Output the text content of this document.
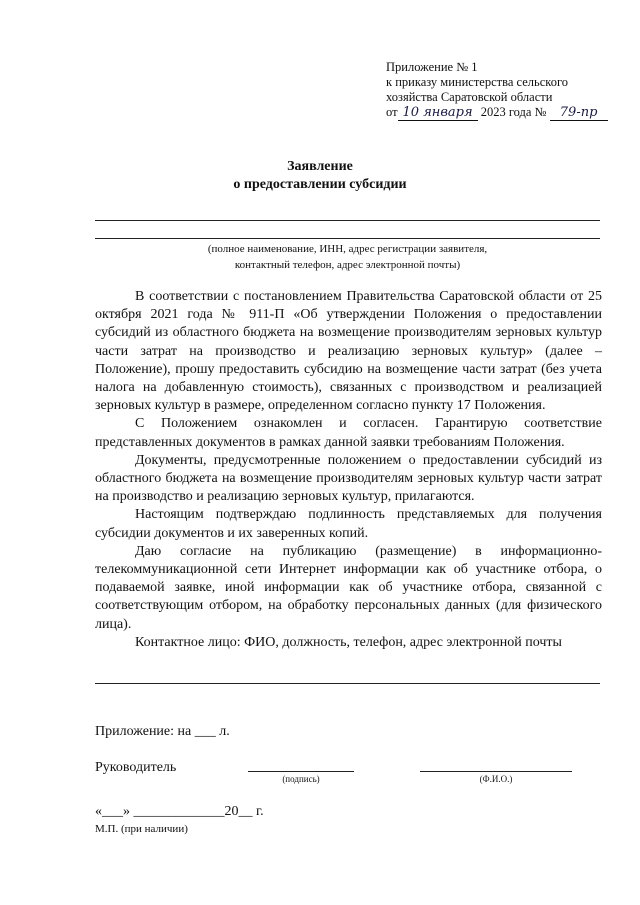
Приложение № 1
к приказу министерства сельского
хозяйства Саратовской области
от 10 января 2023 года № 79-пр
Заявление
о предоставлении субсидии
(полное наименование, ИНН, адрес регистрации заявителя,
контактный телефон, адрес электронной почты)

В соответствии с постановлением Правительства Саратовской области от 25 октября 2021 года № 911-П «Об утверждении Положения о предоставлении субсидий из областного бюджета на возмещение производителям зерновых культур части затрат на производство и реализацию зерновых культур» (далее – Положение), прошу предоставить субсидию на возмещение части затрат (без учета налога на добавленную стоимость), связанных с производством и реализацией зерновых культур в размере, определенном согласно пункту 17 Положения.

С Положением ознакомлен и согласен. Гарантирую соответствие представленных документов в рамках данной заявки требованиям Положения.

Документы, предусмотренные положением о предоставлении субсидий из областного бюджета на возмещение производителям зерновых культур части затрат на производство и реализацию зерновых культур, прилагаются.

Настоящим подтверждаю подлинность представляемых для получения субсидии документов и их заверенных копий.

Даю согласие на публикацию (размещение) в информационно-телекоммуникационной сети Интернет информации как об участнике отбора, о подаваемой заявке, иной информации как об участнике отбора, связанной с соответствующим отбором, на обработку персональных данных (для физического лица).

Контактное лицо: ФИО, должность, телефон, адрес электронной почты

Приложение: на ___ л.
Руководитель
(подпись)	(Ф.И.О.)
«___» _____________20__ г.
М.П. (при наличии)
